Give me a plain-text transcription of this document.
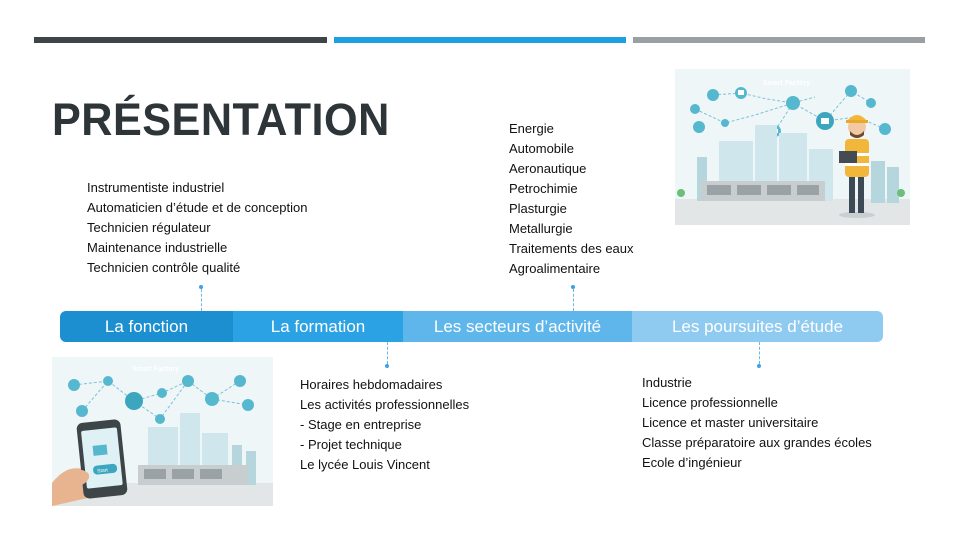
PRÉSENTATION
Instrumentiste industriel
Automaticien d’étude et de conception
Technicien régulateur
Maintenance industrielle
Technicien contrôle qualité
Energie
Automobile
Aeronautique
Petrochimie
Plasturgie
Metallurgie
Traitements des eaux
Agroalimentaire
Horaires hebdomadaires
Les activités professionnelles
- Stage en entreprise
- Projet technique
Le lycée Louis Vincent
Industrie
Licence professionnelle
Licence et master universitaire
Classe préparatoire aux grandes écoles
Ecole d’ingénieur
La fonction	La formation	Les secteurs d’activité	Les poursuites d’étude
Smart Factory
Smart Factory
Start
